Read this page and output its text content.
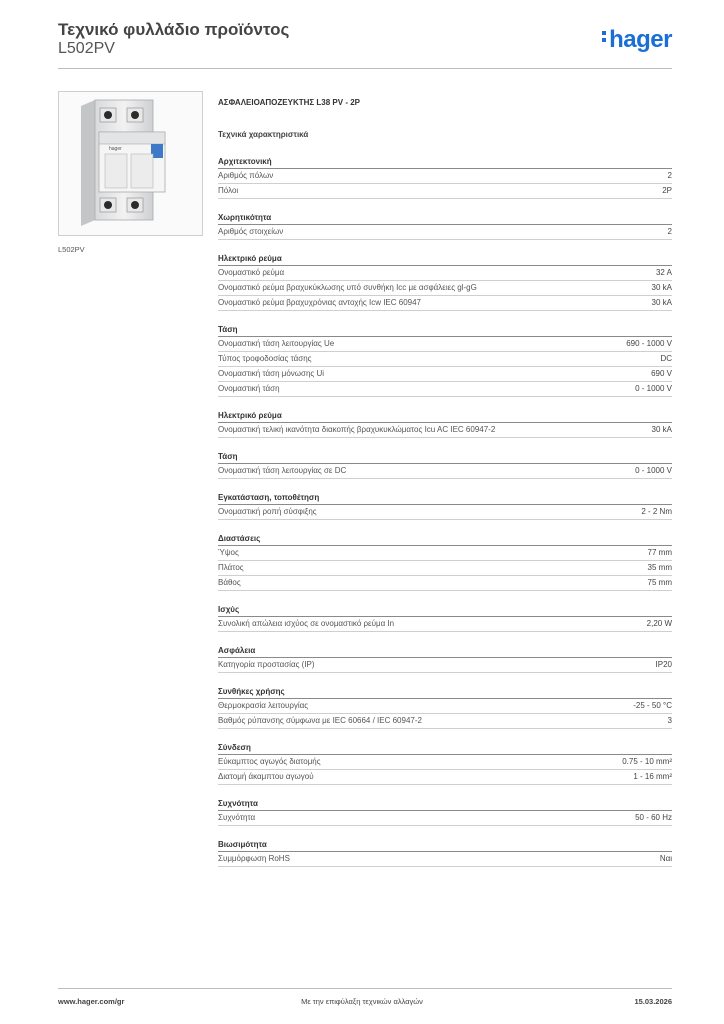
Τεχνικό φυλλάδιο προϊόντος
L502PV	hager
hager
L502PV
ΑΣΦΑΛΕΙΟΑΠΟΖΕΥΚΤΗΣ L38 PV - 2P
Τεχνικά χαρακτηριστικά
Αρχιτεκτονική
Αριθμός πόλων	2
Πόλοι	2P
Χωρητικότητα
Αριθμός στοιχείων	2
Ηλεκτρικό ρεύμα
Ονομαστικό ρεύμα	32 A
Ονομαστικό ρεύμα βραχυκύκλωσης υπό συνθήκη Icc με ασφάλειες gl-gG	30 kA
Ονομαστικό ρεύμα βραχυχρόνιας αντοχής Icw IEC 60947	30 kA
Τάση
Ονομαστική τάση λειτουργίας Ue	690 - 1000 V
Τύπος τροφοδοσίας τάσης	DC
Ονομαστική τάση μόνωσης Ui	690 V
Ονομαστική τάση	0 - 1000 V
Ηλεκτρικό ρεύμα
Ονομαστική τελική ικανότητα διακοπής βραχυκυκλώματος Icu AC IEC 60947-2	30 kA
Τάση
Ονομαστική τάση λειτουργίας σε DC	0 - 1000 V
Εγκατάσταση, τοποθέτηση
Ονομαστική ροπή σύσφιξης	2 - 2 Nm
Διαστάσεις
Ύψος	77 mm
Πλάτος	35 mm
Βάθος	75 mm
Ισχύς
Συνολική απώλεια ισχύος σε ονομαστικό ρεύμα In	2,20 W
Ασφάλεια
Κατηγορία προστασίας (IP)	IP20
Συνθήκες χρήσης
Θερμοκρασία λειτουργίας	-25 - 50 °C
Βαθμός ρύπανσης σύμφωνα με IEC 60664 / IEC 60947-2	3
Σύνδεση
Εύκαμπτος αγωγός διατομής	0.75 - 10 mm²
Διατομή άκαμπτου αγωγού	1 - 16 mm²
Συχνότητα
Συχνότητα	50 - 60 Hz
Βιωσιμότητα
Συμμόρφωση RoHS	Ναι
www.hager.com/gr	Με την επιφύλαξη τεχνικών αλλαγών	15.03.2026
